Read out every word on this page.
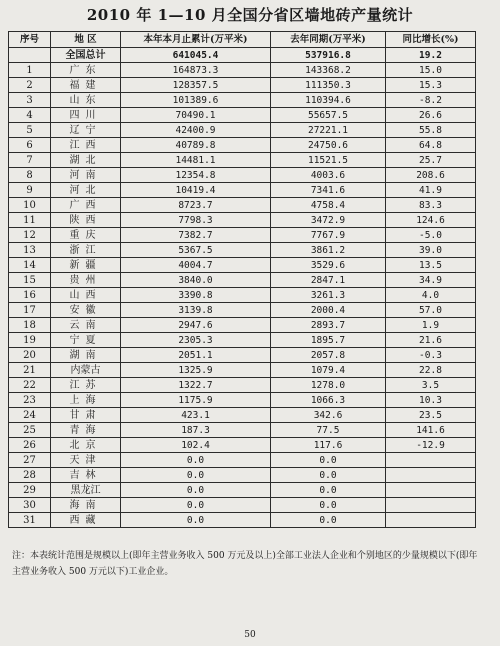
2010 年 1—10 月全国分省区墙地砖产量统计
序号	地 区	本年本月止累计(万平米)	去年同期(万平米)	同比增长(%)
	全国总计	641045.4	537916.8	19.2
1	广东	164873.3	143368.2	15.0
2	福建	128357.5	111350.3	15.3
3	山东	101389.6	110394.6	-8.2
4	四川	70490.1	55657.5	26.6
5	辽宁	42400.9	27221.1	55.8
6	江西	40789.8	24750.6	64.8
7	湖北	14481.1	11521.5	25.7
8	河南	12354.8	4003.6	208.6
9	河北	10419.4	7341.6	41.9
10	广西	8723.7	4758.4	83.3
11	陕西	7798.3	3472.9	124.6
12	重庆	7382.7	7767.9	-5.0
13	浙江	5367.5	3861.2	39.0
14	新疆	4004.7	3529.6	13.5
15	贵州	3840.0	2847.1	34.9
16	山西	3390.8	3261.3	4.0
17	安徽	3139.8	2000.4	57.0
18	云南	2947.6	2893.7	1.9
19	宁夏	2305.3	1895.7	21.6
20	湖南	2051.1	2057.8	-0.3
21	内蒙古	1325.9	1079.4	22.8
22	江苏	1322.7	1278.0	3.5
23	上海	1175.9	1066.3	10.3
24	甘肃	423.1	342.6	23.5
25	青海	187.3	77.5	141.6
26	北京	102.4	117.6	-12.9
27	天津	0.0	0.0	
28	吉林	0.0	0.0	
29	黑龙江	0.0	0.0	
30	海南	0.0	0.0	
31	西藏	0.0	0.0	
注：本表统计范围是规模以上(即年主营业务收入 500 万元及以上)全部工业法人企业和个别地区的少量规模以下(即年主营业务收入 500 万元以下)工业企业。
50
